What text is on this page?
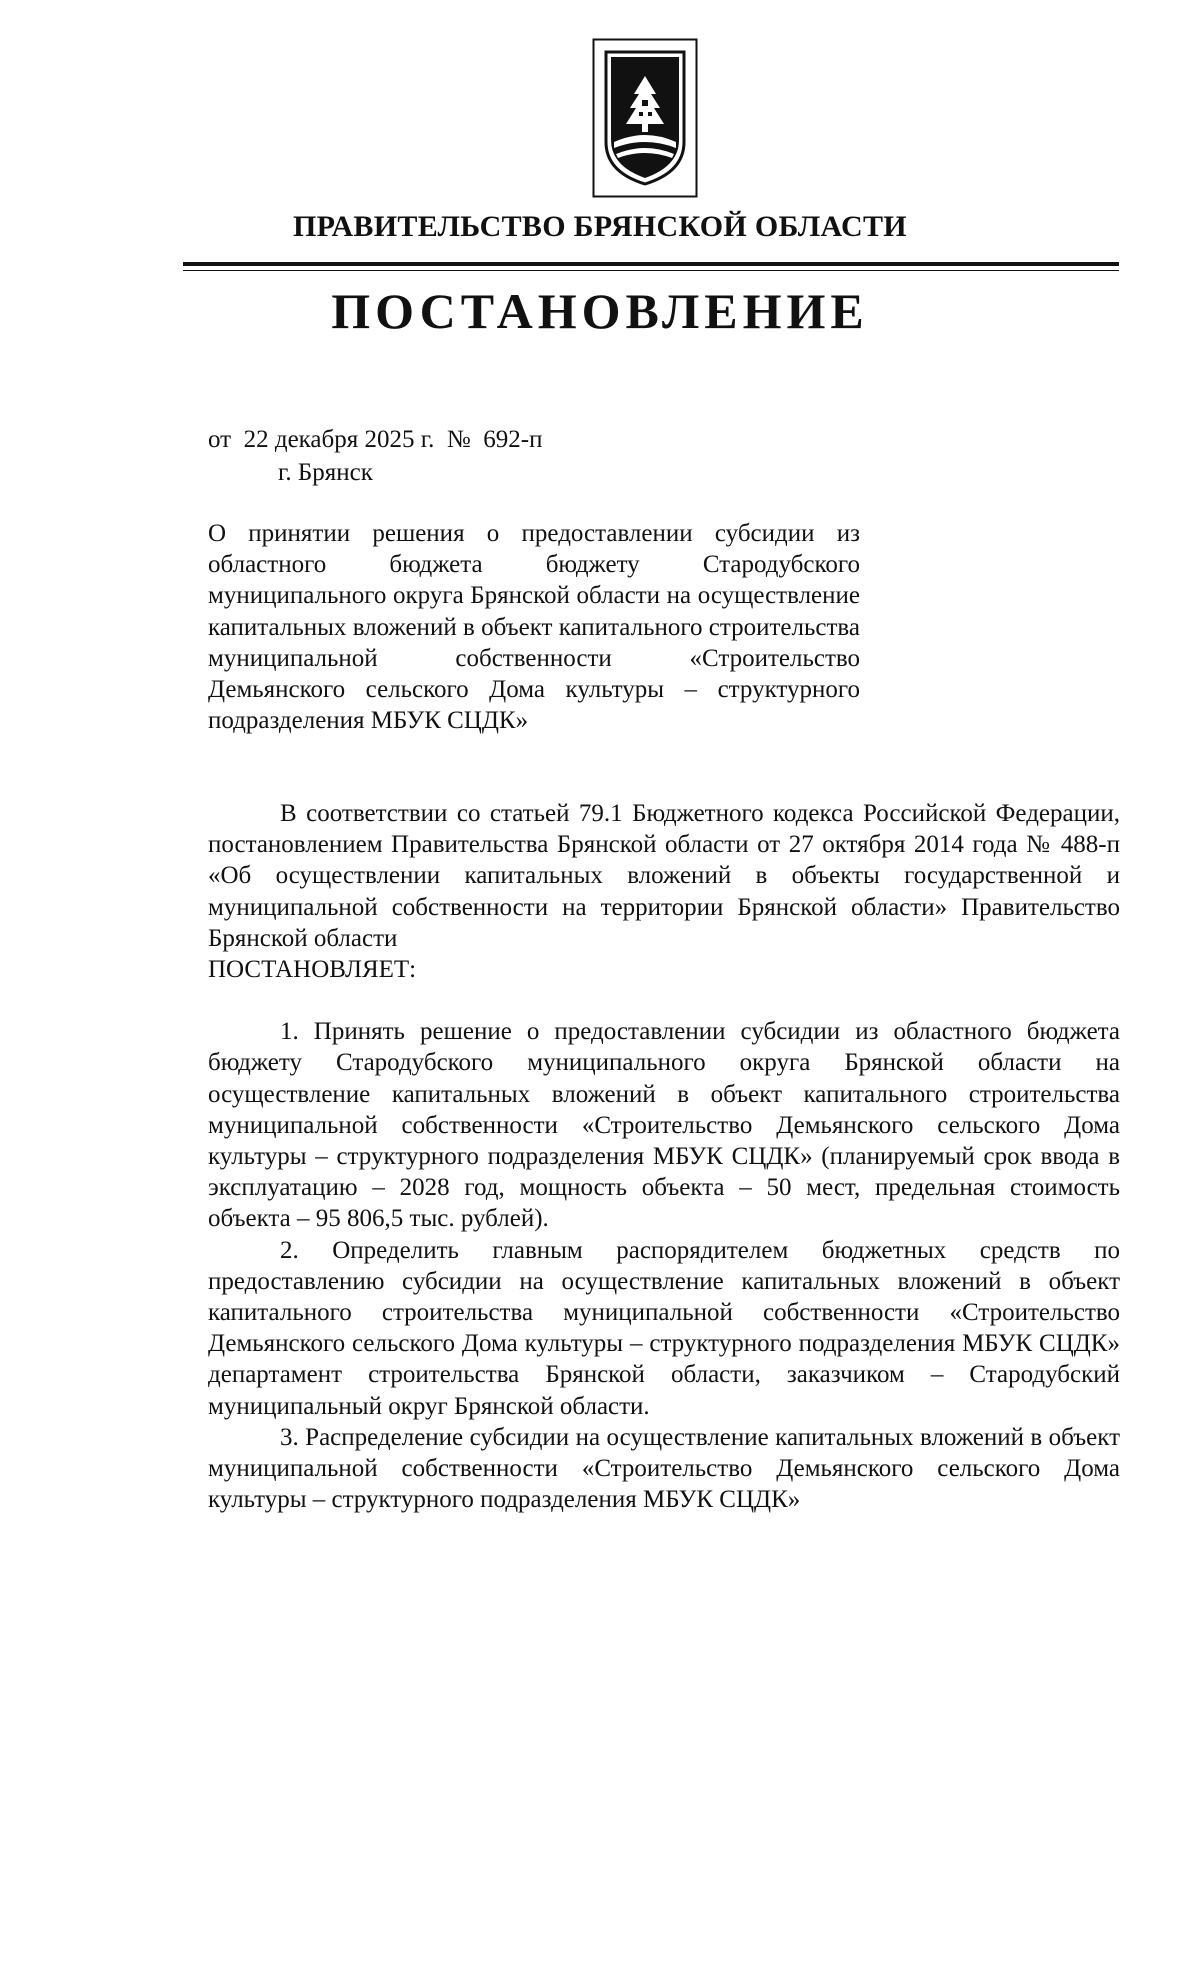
ПРАВИТЕЛЬСТВО БРЯНСКОЙ ОБЛАСТИ
ПОСТАНОВЛЕНИЕ
от  22 декабря 2025 г.  №  692-п
г. Брянск
О принятии решения о предоставлении субсидии из областного бюджета бюджету Стародубского муниципального округа Брянской области на осуществление капитальных вложений в объект капитального строительства муниципальной собственности «Строительство Демьянского сельского Дома культуры – структурного подразделения МБУК СЦДК»

В соответствии со статьей 79.1 Бюджетного кодекса Российской Федерации, постановлением Правительства Брянской области от 27 октября 2014 года № 488-п «Об осуществлении капитальных вложений в объекты государственной и муниципальной собственности на территории Брянской области» Правительство Брянской области

ПОСТАНОВЛЯЕТ:

1. Принять решение о предоставлении субсидии из областного бюджета бюджету Стародубского муниципального округа Брянской области на осуществление капитальных вложений в объект капитального строительства муниципальной собственности «Строительство Демьянского сельского Дома культуры – структурного подразделения МБУК СЦДК» (планируемый срок ввода в эксплуатацию – 2028 год, мощность объекта – 50 мест, предельная стоимость объекта – 95 806,5 тыс. рублей).

2. Определить главным распорядителем бюджетных средств по предоставлению субсидии на осуществление капитальных вложений в объект капитального строительства муниципальной собственности «Строительство Демьянского сельского Дома культуры – структурного подразделения МБУК СЦДК» департамент строительства Брянской области, заказчиком – Стародубский муниципальный округ Брянской области.

3. Распределение субсидии на осуществление капитальных вложений в объект муниципальной собственности «Строительство Демьянского сельского Дома культуры – структурного подразделения МБУК СЦДК»
